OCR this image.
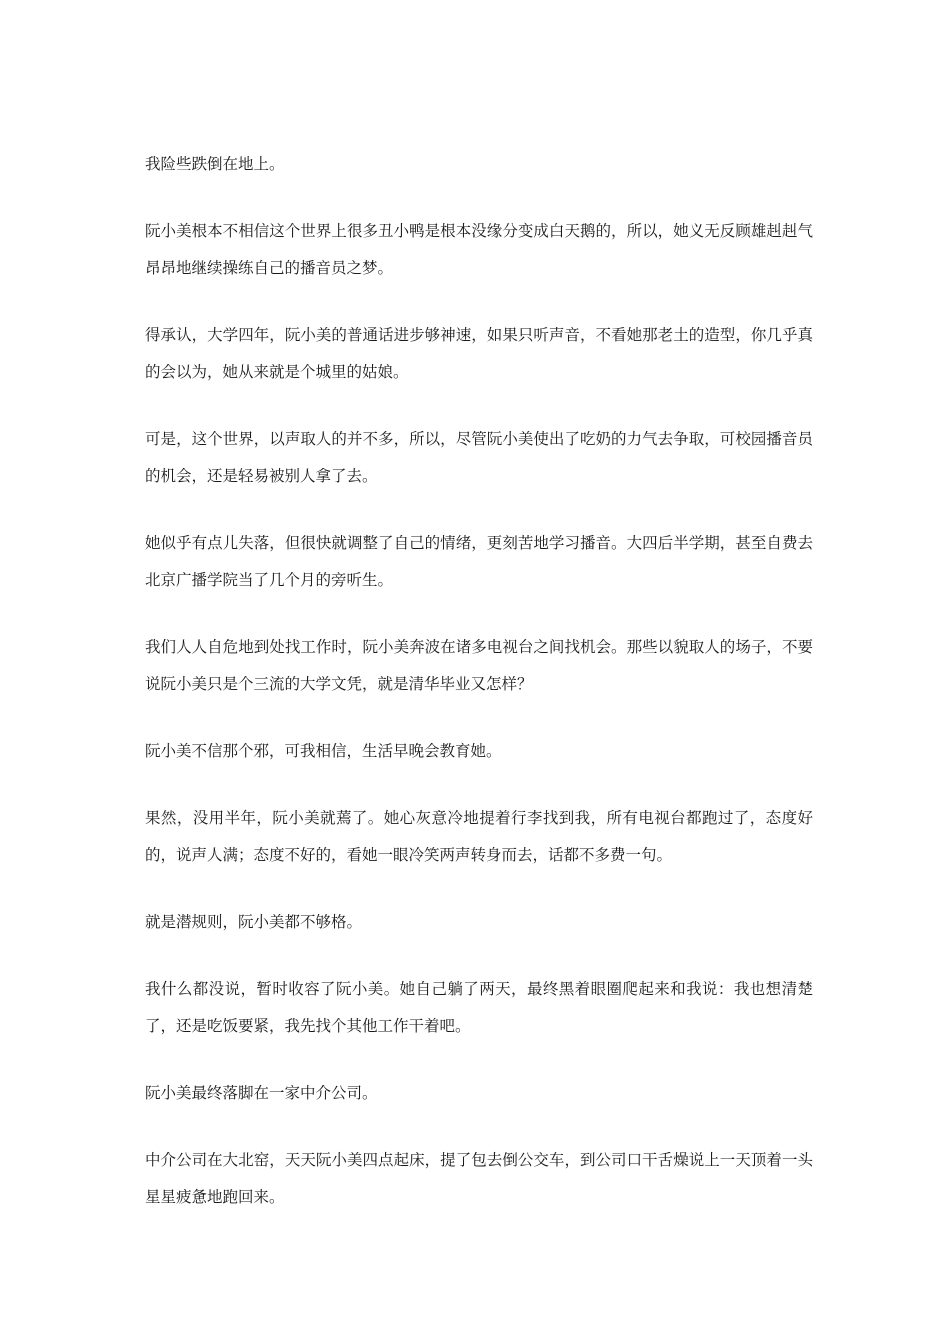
我险些跌倒在地上。

阮小美根本不相信这个世界上很多丑小鸭是根本没缘分变成白天鹅的，所以，她义无反顾雄赳赳气昂昂地继续操练自己的播音员之梦。

得承认，大学四年，阮小美的普通话进步够神速，如果只听声音，不看她那老土的造型，你几乎真的会以为，她从来就是个城里的姑娘。

可是，这个世界，以声取人的并不多，所以，尽管阮小美使出了吃奶的力气去争取，可校园播音员的机会，还是轻易被别人拿了去。

她似乎有点儿失落，但很快就调整了自己的情绪，更刻苦地学习播音。大四后半学期，甚至自费去北京广播学院当了几个月的旁听生。

我们人人自危地到处找工作时，阮小美奔波在诸多电视台之间找机会。那些以貌取人的场子，不要说阮小美只是个三流的大学文凭，就是清华毕业又怎样？

阮小美不信那个邪，可我相信，生活早晚会教育她。

果然，没用半年，阮小美就蔫了。她心灰意冷地提着行李找到我，所有电视台都跑过了，态度好的，说声人满；态度不好的，看她一眼冷笑两声转身而去，话都不多费一句。

就是潜规则，阮小美都不够格。

我什么都没说，暂时收容了阮小美。她自己躺了两天，最终黑着眼圈爬起来和我说：我也想清楚了，还是吃饭要紧，我先找个其他工作干着吧。

阮小美最终落脚在一家中介公司。

中介公司在大北窑，天天阮小美四点起床，提了包去倒公交车，到公司口干舌燥说上一天顶着一头星星疲惫地跑回来。
